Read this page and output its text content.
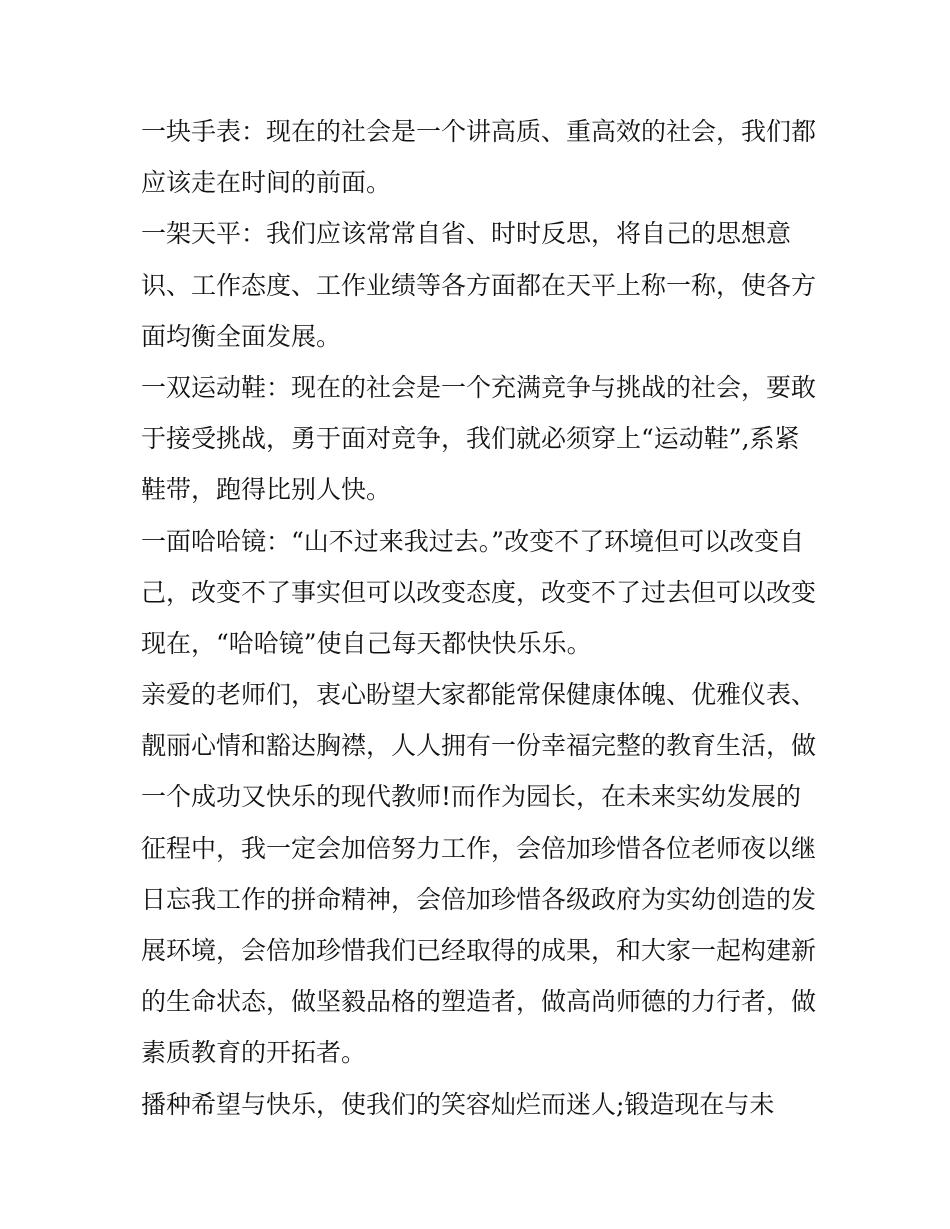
一块手表：现在的社会是一个讲高质、重高效的社会，我们都
应该走在时间的前面。
一架天平：我们应该常常自省、时时反思，将自己的思想意
识、工作态度、工作业绩等各方面都在天平上称一称，使各方
面均衡全面发展。
一双运动鞋：现在的社会是一个充满竞争与挑战的社会，要敢
于接受挑战，勇于面对竞争，我们就必须穿上“运动鞋”,系紧
鞋带，跑得比别人快。
一面哈哈镜：“山不过来我过去。”改变不了环境但可以改变自
己，改变不了事实但可以改变态度，改变不了过去但可以改变
现在，“哈哈镜”使自己每天都快快乐乐。
亲爱的老师们，衷心盼望大家都能常保健康体魄、优雅仪表、
靓丽心情和豁达胸襟，人人拥有一份幸福完整的教育生活，做
一个成功又快乐的现代教师!而作为园长，在未来实幼发展的
征程中，我一定会加倍努力工作，会倍加珍惜各位老师夜以继
日忘我工作的拼命精神，会倍加珍惜各级政府为实幼创造的发
展环境，会倍加珍惜我们已经取得的成果，和大家一起构建新
的生命状态，做坚毅品格的塑造者，做高尚师德的力行者，做
素质教育的开拓者。
播种希望与快乐，使我们的笑容灿烂而迷人;锻造现在与未
